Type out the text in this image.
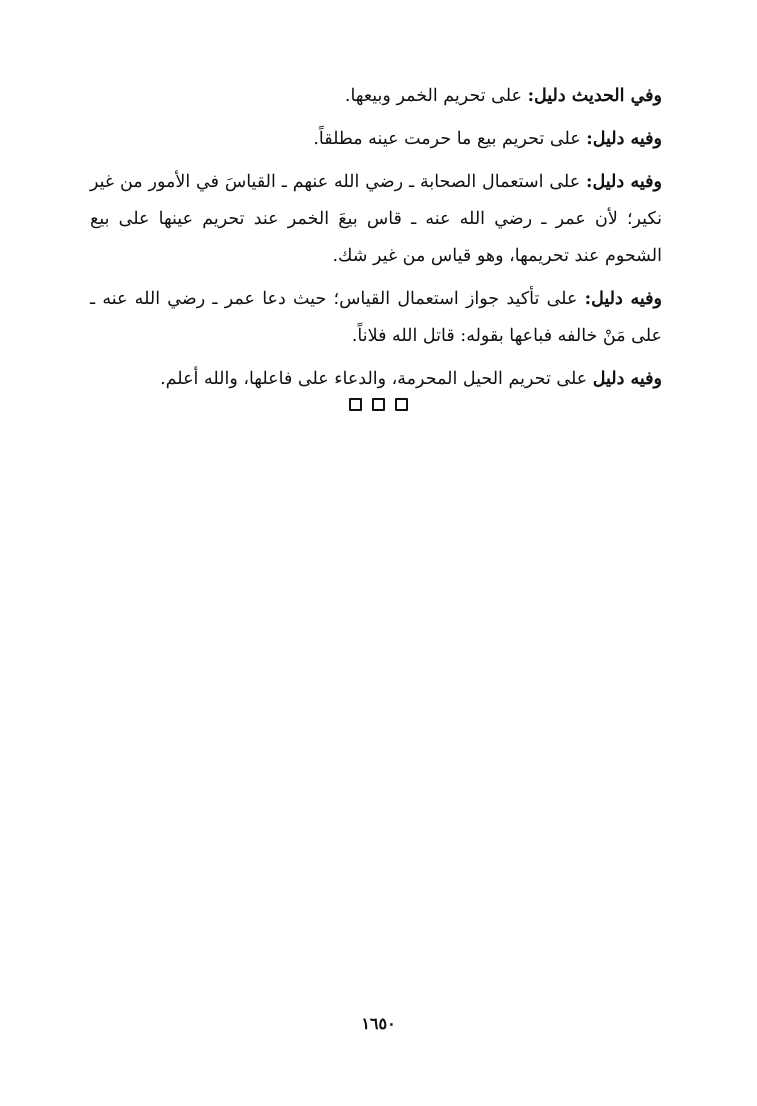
وفي الحديث دليل: على تحريم الخمر وبيعها.

وفيه دليل: على تحريم بيع ما حرمت عينه مطلقاً.

وفيه دليل: على استعمال الصحابة ـ رضي الله عنهم ـ القياسَ في الأمور من غير نكير؛ لأن عمر ـ رضي الله عنه ـ قاس بيعَ الخمر عند تحريم عينها على بيع الشحوم عند تحريمها، وهو قياس من غير شك.

وفيه دليل: على تأكيد جواز استعمال القياس؛ حيث دعا عمر ـ رضي الله عنه ـ على مَنْ خالفه فباعها بقوله: قاتل الله فلاناً.

وفيه دليل على تحريم الحيل المحرمة، والدعاء على فاعلها، والله أعلم.

١٦٥٠
